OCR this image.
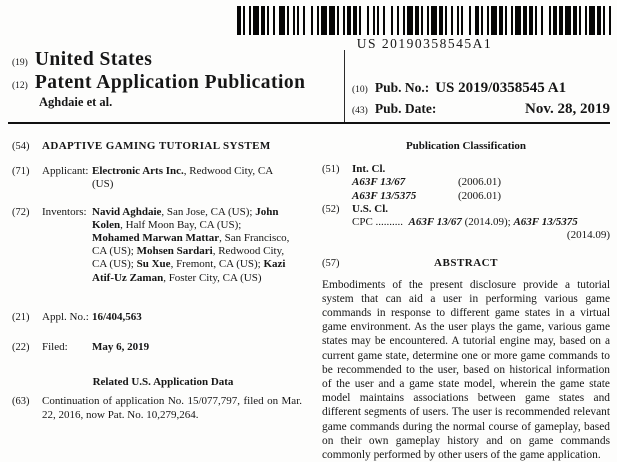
US 20190358545A1
(19) United States
(12) Patent Application Publication
Aghdaie et al.
(10) Pub. No.: US 2019/0358545 A1
(43) Pub. Date:	Nov. 28, 2019
(54)	ADAPTIVE GAMING TUTORIAL SYSTEM
(71)	Applicant: Electronic Arts Inc., Redwood City, CA (US)
(72)	Inventors: Navid Aghdaie, San Jose, CA (US); John Kolen, Half Moon Bay, CA (US); Mohamed Marwan Mattar, San Francisco, CA (US); Mohsen Sardari, Redwood City, CA (US); Su Xue, Fremont, CA (US); Kazi Atif-Uz Zaman, Foster City, CA (US)
(21)	Appl. No.: 16/404,563
(22)	Filed:	May 6, 2019
Related U.S. Application Data
(63)	Continuation of application No. 15/077,797, filed on Mar. 22, 2016, now Pat. No. 10,279,264.
Publication Classification
(51)	Int. Cl.
A63F 13/67	(2006.01)
A63F 13/5375	(2006.01)
(52)	U.S. Cl.
CPC .......... A63F 13/67 (2014.09); A63F 13/5375
(2014.09)
(57)	ABSTRACT
Embodiments of the present disclosure provide a tutorial system that can aid a user in performing various game commands in response to different game states in a virtual game environment. As the user plays the game, various game states may be encountered. A tutorial engine may, based on a current game state, determine one or more game commands to be recommended to the user, based on historical information of the user and a game state model, wherein the game state model maintains associations between game states and different segments of users. The user is recommended relevant game commands during the normal course of gameplay, based on their own gameplay history and on game commands commonly performed by other users of the game application.
